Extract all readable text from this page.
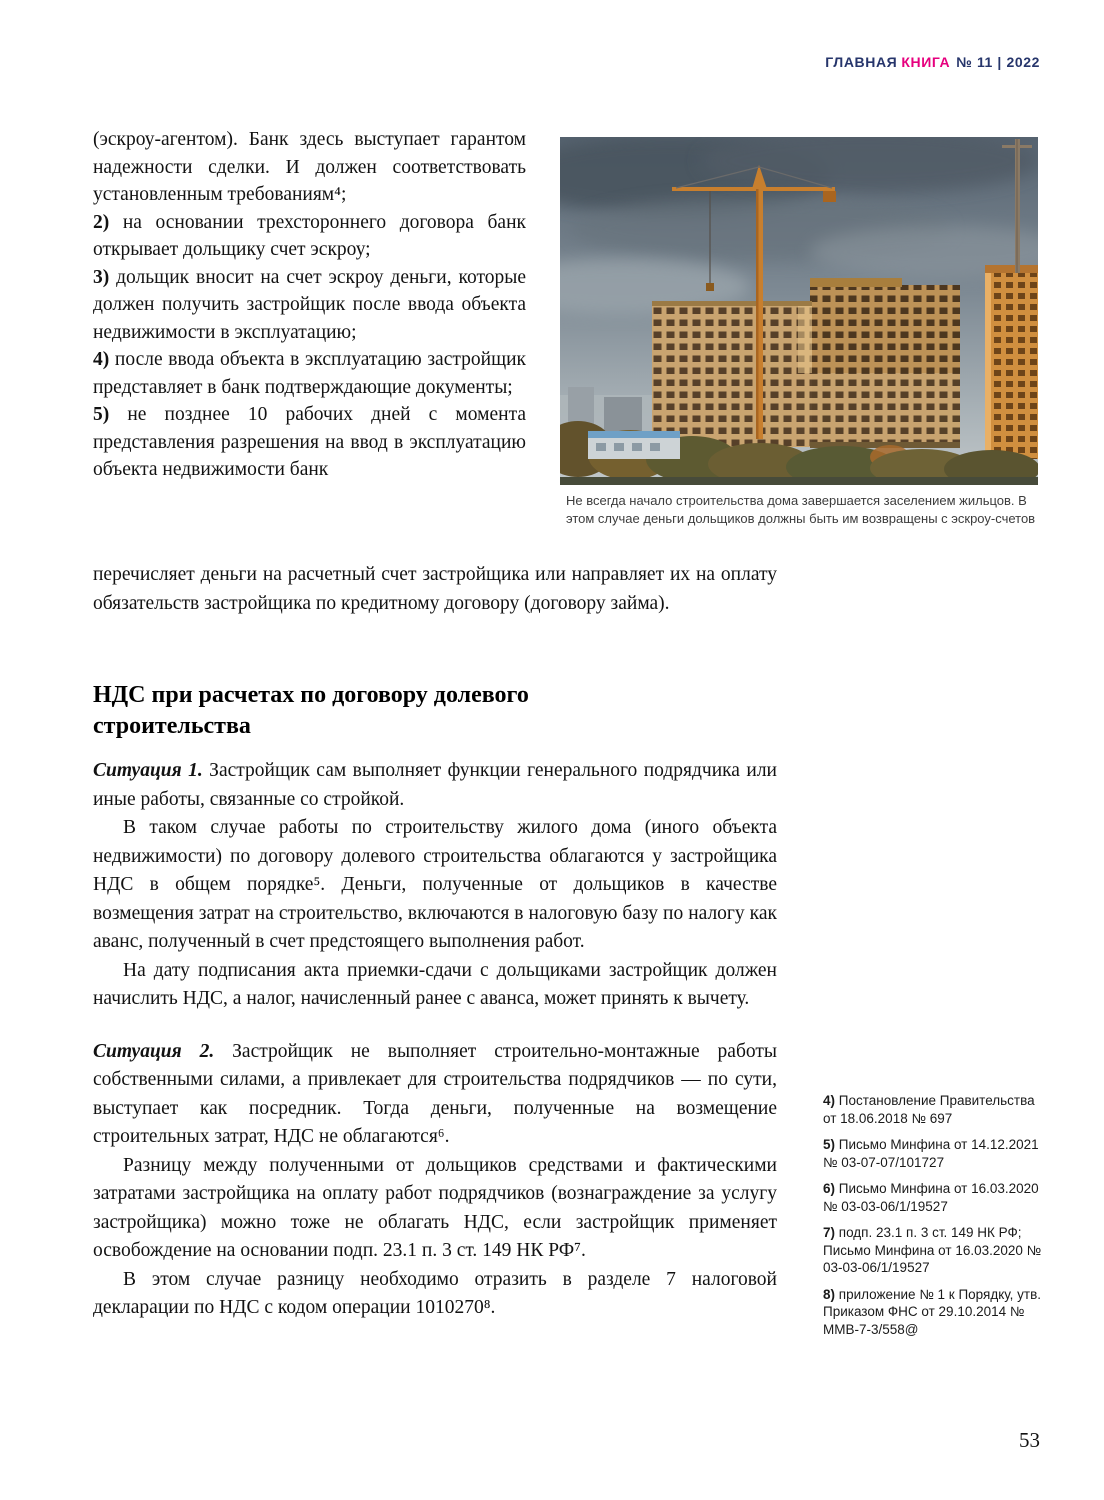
ГЛАВНАЯ КНИГА № 11 | 2022

(эскроу-агентом). Банк здесь выступает гарантом надежности сделки. И должен соответствовать установленным требованиям⁴;

2) на основании трехстороннего договора банк открывает дольщику счет эскроу;

3) дольщик вносит на счет эскроу деньги, которые должен получить застройщик после ввода объекта недвижимости в эксплуатацию;

4) после ввода объекта в эксплуатацию застройщик представляет в банк подтверждающие документы;

5) не позднее 10 рабочих дней с момента представления разрешения на ввод в эксплуатацию объекта недвижимости банк

Не всегда начало строительства дома завершается заселением жильцов. В этом случае деньги дольщиков должны быть им возвращены с эскроу-счетов
перечисляет деньги на расчетный счет застройщика или направляет их на оплату обязательств застройщика по кредитному договору (договору займа).
НДС при расчетах по договору долевого строительства

Ситуация 1. Застройщик сам выполняет функции генерального подрядчика или иные работы, связанные со стройкой.

В таком случае работы по строительству жилого дома (иного объекта недвижимости) по договору долевого строительства облагаются у застройщика НДС в общем порядке⁵. Деньги, полученные от дольщиков в качестве возмещения затрат на строительство, включаются в налоговую базу по налогу как аванс, полученный в счет предстоящего выполнения работ.

На дату подписания акта приемки-сдачи с дольщиками застройщик должен начислить НДС, а налог, начисленный ранее с аванса, может принять к вычету.

Ситуация 2. Застройщик не выполняет строительно-монтажные работы собственными силами, а привлекает для строительства подрядчиков — по сути, выступает как посредник. Тогда деньги, полученные на возмещение строительных затрат, НДС не облагаются⁶.

Разницу между полученными от дольщиков средствами и фактическими затратами застройщика на оплату работ подрядчиков (вознаграждение за услугу застройщика) можно тоже не облагать НДС, если застройщик применяет освобождение на основании подп. 23.1 п. 3 ст. 149 НК РФ⁷.

В этом случае разницу необходимо отразить в разделе 7 налоговой декларации по НДС с кодом операции 1010270⁸.

4) Постановление Правительства от 18.06.2018 № 697

5) Письмо Минфина от 14.12.2021 № 03-07-07/101727

6) Письмо Минфина от 16.03.2020 № 03-03-06/1/19527

7) подп. 23.1 п. 3 ст. 149 НК РФ; Письмо Минфина от 16.03.2020 № 03-03-06/1/19527

8) приложение № 1 к Порядку, утв. Приказом ФНС от 29.10.2014 № ММВ-7-3/558@

53
